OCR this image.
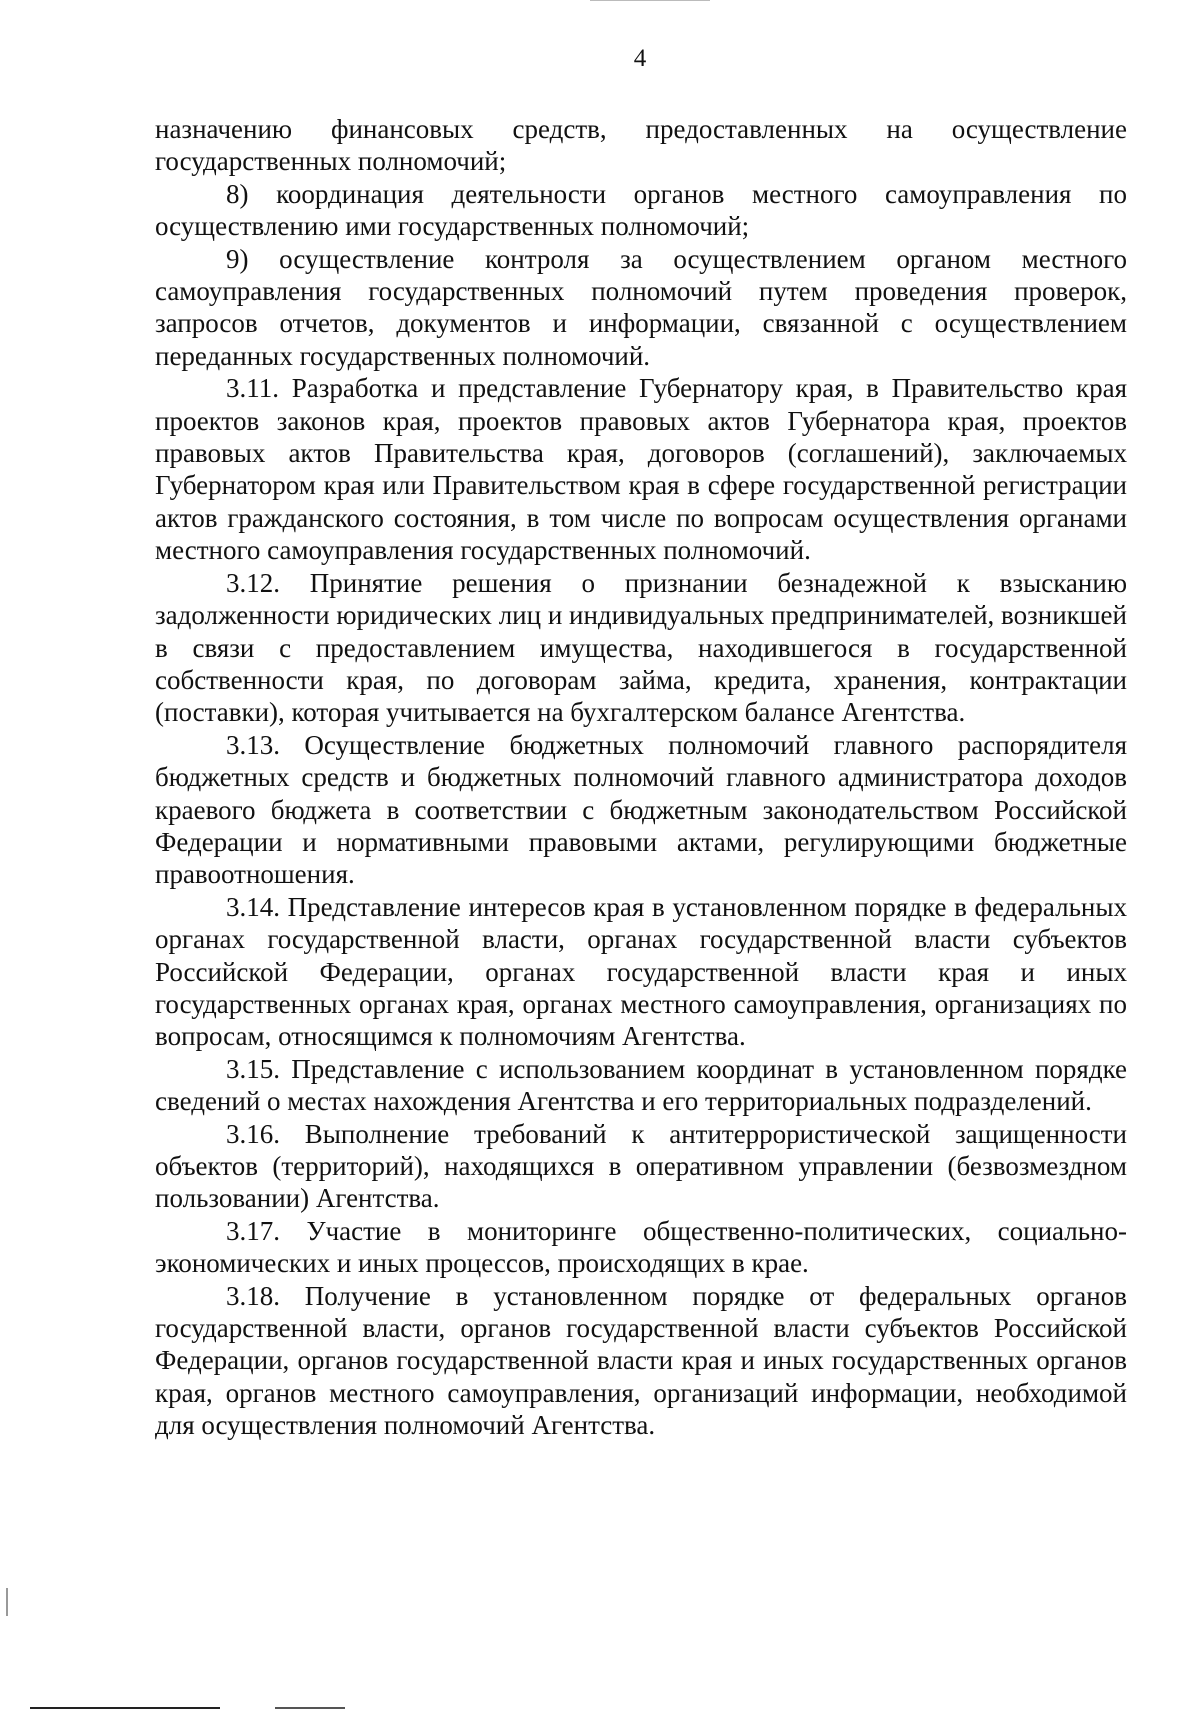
4

назначению финансовых средств, предоставленных на осуществление государственных полномочий;

8) координация деятельности органов местного самоуправления по осуществлению ими государственных полномочий;

9) осуществление контроля за осуществлением органом местного самоуправления государственных полномочий путем проведения проверок, запросов отчетов, документов и информации, связанной с осуществлением переданных государственных полномочий.

3.11. Разработка и представление Губернатору края, в Правительство края проектов законов края, проектов правовых актов Губернатора края, проектов правовых актов Правительства края, договоров (соглашений), заключаемых Губернатором края или Правительством края в сфере государственной регистрации актов гражданского состояния, в том числе по вопросам осуществления органами местного самоуправления государственных полномочий.

3.12. Принятие решения о признании безнадежной к взысканию задолженности юридических лиц и индивидуальных предпринимателей, возникшей в связи с предоставлением имущества, находившегося в государственной собственности края, по договорам займа, кредита, хранения, контрактации (поставки), которая учитывается на бухгалтерском балансе Агентства.

3.13. Осуществление бюджетных полномочий главного распорядителя бюджетных средств и бюджетных полномочий главного администратора доходов краевого бюджета в соответствии с бюджетным законодательством Российской Федерации и нормативными правовыми актами, регулирующими бюджетные правоотношения.

3.14. Представление интересов края в установленном порядке в федеральных органах государственной власти, органах государственной власти субъектов Российской Федерации, органах государственной власти края и иных государственных органах края, органах местного самоуправления, организациях по вопросам, относящимся к полномочиям Агентства.

3.15. Представление с использованием координат в установленном порядке сведений о местах нахождения Агентства и его территориальных подразделений.

3.16. Выполнение требований к антитеррористической защищенности объектов (территорий), находящихся в оперативном управлении (безвозмездном пользовании) Агентства.

3.17. Участие в мониторинге общественно-политических, социально-экономических и иных процессов, происходящих в крае.

3.18. Получение в установленном порядке от федеральных органов государственной власти, органов государственной власти субъектов Российской Федерации, органов государственной власти края и иных государственных органов края, органов местного самоуправления, организаций информации, необходимой для осуществления полномочий Агентства.
